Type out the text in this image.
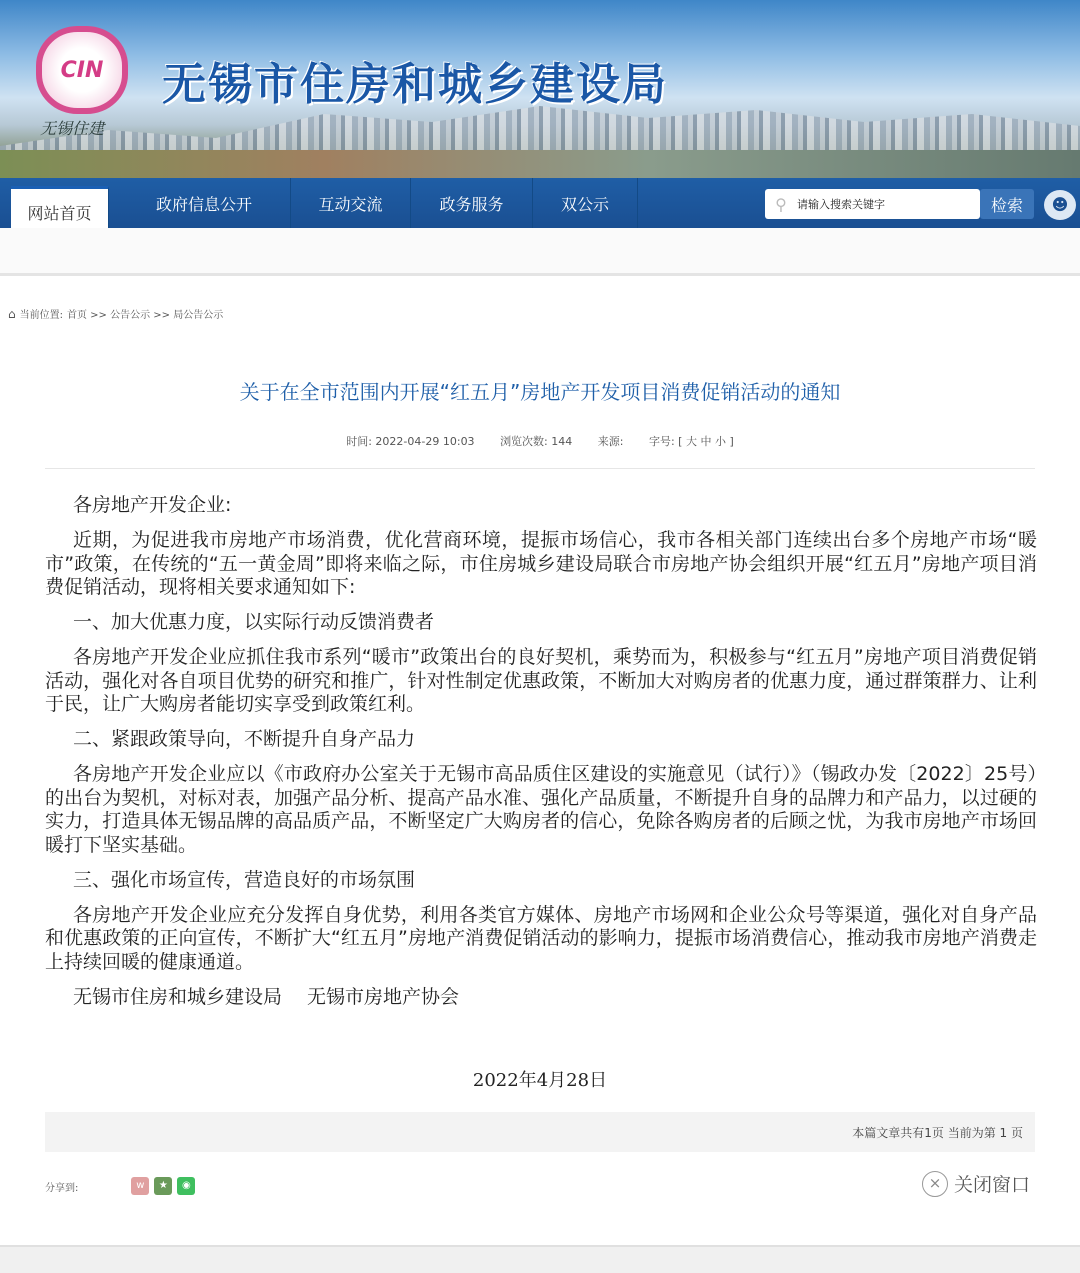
CIN
无锡住建
无锡市住房和城乡建设局
网站首页	政府信息公开	互动交流	政务服务	双公示	⚲
请输入搜索关键字	检索	☻
⌂ 当前位置: 首页 >> 公告公示 >> 局公告公示
关于在全市范围内开展“红五月”房地产开发项目消费促销活动的通知
时间: 2022-04-29 10:03 浏览次数: 144 来源: 字号: [ 大 中 小 ]

各房地产开发企业:

近期，为促进我市房地产市场消费，优化营商环境，提振市场信心，我市各相关部门连续出台多个房地产市场“暖市”政策，在传统的“五一黄金周”即将来临之际，市住房城乡建设局联合市房地产协会组织开展“红五月”房地产项目消费促销活动，现将相关要求通知如下:

一、加大优惠力度，以实际行动反馈消费者

各房地产开发企业应抓住我市系列“暖市”政策出台的良好契机，乘势而为，积极参与“红五月”房地产项目消费促销活动，强化对各自项目优势的研究和推广，针对性制定优惠政策，不断加大对购房者的优惠力度，通过群策群力、让利于民，让广大购房者能切实享受到政策红利。

二、紧跟政策导向，不断提升自身产品力

各房地产开发企业应以《市政府办公室关于无锡市高品质住区建设的实施意见（试行）》（锡政办发〔2022〕25号）的出台为契机，对标对表，加强产品分析、提高产品水准、强化产品质量，不断提升自身的品牌力和产品力，以过硬的实力，打造具体无锡品牌的高品质产品，不断坚定广大购房者的信心，免除各购房者的后顾之忧，为我市房地产市场回暖打下坚实基础。

三、强化市场宣传，营造良好的市场氛围

各房地产开发企业应充分发挥自身优势，利用各类官方媒体、房地产市场网和企业公众号等渠道，强化对自身产品和优惠政策的正向宣传，不断扩大“红五月”房地产消费促销活动的影响力，提振市场消费信心，推动我市房地产消费走上持续回暖的健康通道。

无锡市住房和城乡建设局　 无锡市房地产协会

2022年4月28日
本篇文章共有1页 当前为第 1 页
分享到:	w	★	◉	× 关闭窗口
